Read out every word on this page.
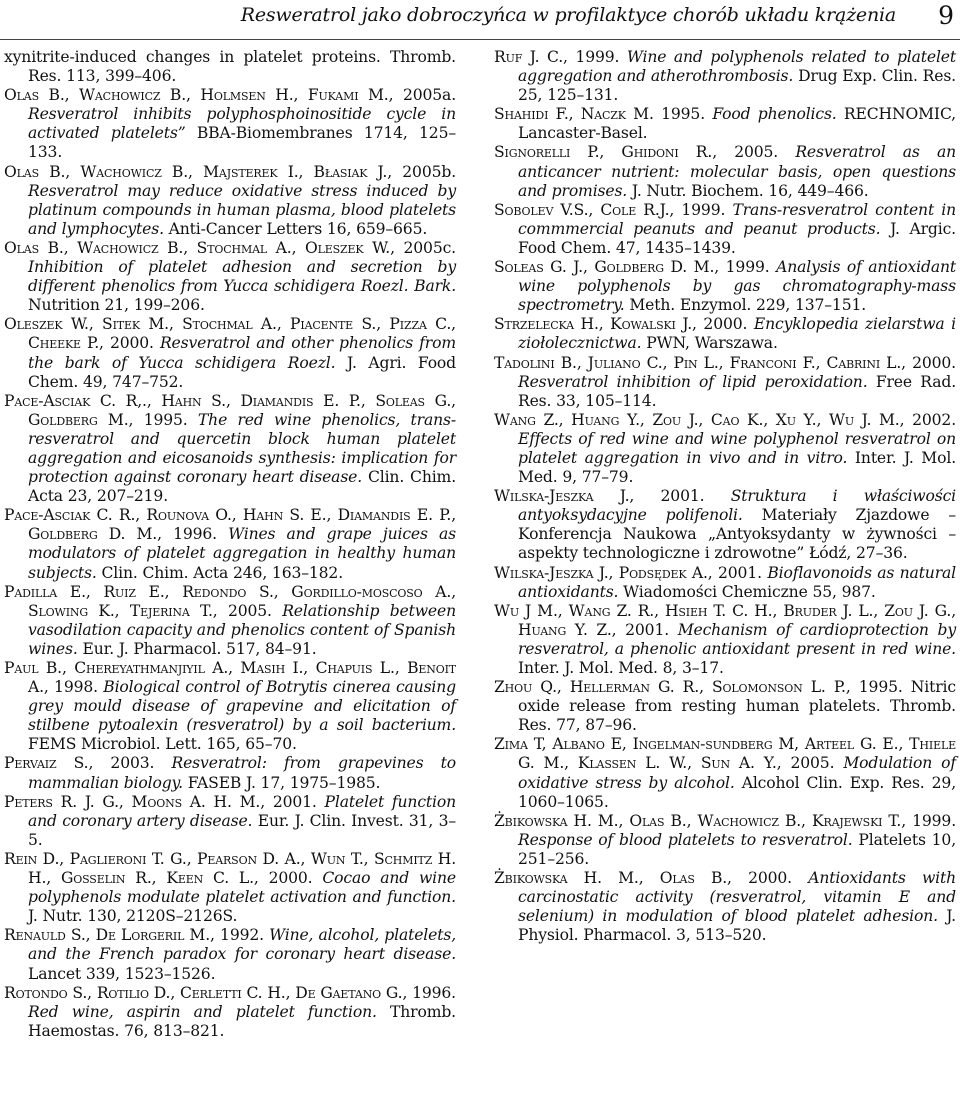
Resweratrol jako dobroczyńca w profilaktyce chorób układu krążenia 9

xynitrite-induced changes in platelet proteins. Thromb. Res. 113, 399–406.

Olas B., Wachowicz B., Holmsen H., Fukami M., 2005a. Resveratrol inhibits polyphosphoinositide cycle in activated platelets” BBA-Biomembranes 1714, 125–133.

Olas B., Wachowicz B., Majsterek I., Błasiak J., 2005b. Resveratrol may reduce oxidative stress induced by platinum compounds in human plasma, blood platelets and lymphocytes. Anti-Cancer Letters 16, 659–665.

Olas B., Wachowicz B., Stochmal A., Oleszek W., 2005c. Inhibition of platelet adhesion and secretion by different phenolics from Yucca schidigera Roezl. Bark. Nutrition 21, 199–206.

Oleszek W., Sitek M., Stochmal A., Piacente S., Pizza C., Cheeke P., 2000. Resveratrol and other phenolics from the bark of Yucca schidigera Roezl. J. Agri. Food Chem. 49, 747–752.

Pace-Asciak C. R,., Hahn S., Diamandis E. P., Soleas G., Goldberg M., 1995. The red wine phenolics, trans-resveratrol and quercetin block human platelet aggregation and eicosanoids synthesis: implication for protection against coronary heart disease. Clin. Chim. Acta 23, 207–219.

Pace-Asciak C. R., Rounova O., Hahn S. E., Diamandis E. P., Goldberg D. M., 1996. Wines and grape juices as modulators of platelet aggregation in healthy human subjects. Clin. Chim. Acta 246, 163–182.

Padilla E., Ruiz E., Redondo S., Gordillo-moscoso A., Slowing K., Tejerina T., 2005. Relationship between vasodilation capacity and phenolics content of Spanish wines. Eur. J. Pharmacol. 517, 84–91.

Paul B., Chereyathmanjiyil A., Masih I., Chapuis L., Benoit A., 1998. Biological control of Botrytis cinerea causing grey mould disease of grapevine and elicitation of stilbene pytoalexin (resveratrol) by a soil bacterium. FEMS Microbiol. Lett. 165, 65–70.

Pervaiz S., 2003. Resveratrol: from grapevines to mammalian biology. FASEB J. 17, 1975–1985.

Peters R. J. G., Moons A. H. M., 2001. Platelet function and coronary artery disease. Eur. J. Clin. Invest. 31, 3–5.

Rein D., Paglieroni T. G., Pearson D. A., Wun T., Schmitz H. H., Gosselin R., Keen C. L., 2000. Cocao and wine polyphenols modulate platelet activation and function. J. Nutr. 130, 2120S–2126S.

Renauld S., De Lorgeril M., 1992. Wine, alcohol, platelets, and the French paradox for coronary heart disease. Lancet 339, 1523–1526.

Rotondo S., Rotilio D., Cerletti C. H., De Gaetano G., 1996. Red wine, aspirin and platelet function. Thromb. Haemostas. 76, 813–821.

Ruf J. C., 1999. Wine and polyphenols related to platelet aggregation and atherothrombosis. Drug Exp. Clin. Res. 25, 125–131.

Shahidi F., Naczk M. 1995. Food phenolics. RECHNOMIC, Lancaster-Basel.

Signorelli P., Ghidoni R., 2005. Resveratrol as an anticancer nutrient: molecular basis, open questions and promises. J. Nutr. Biochem. 16, 449–466.

Sobolev V.S., Cole R.J., 1999. Trans-resveratrol content in commmercial peanuts and peanut products. J. Argic. Food Chem. 47, 1435–1439.

Soleas G. J., Goldberg D. M., 1999. Analysis of antioxidant wine polyphenols by gas chromatography-mass spectrometry. Meth. Enzymol. 229, 137–151.

Strzelecka H., Kowalski J., 2000. Encyklopedia zielarstwa i ziołolecznictwa. PWN, Warszawa.

Tadolini B., Juliano C., Pin L., Franconi F., Cabrini L., 2000. Resveratrol inhibition of lipid peroxidation. Free Rad. Res. 33, 105–114.

Wang Z., Huang Y., Zou J., Cao K., Xu Y., Wu J. M., 2002. Effects of red wine and wine polyphenol resveratrol on platelet aggregation in vivo and in vitro. Inter. J. Mol. Med. 9, 77–79.

Wilska-Jeszka J., 2001. Struktura i właściwości antyoksydacyjne polifenoli. Materiały Zjazdowe – Konferencja Naukowa „Antyoksydanty w żywności – aspekty technologiczne i zdrowotne” Łódź, 27–36.

Wilska-Jeszka J., Podsędek A., 2001. Bioflavonoids as natural antioxidants. Wiadomości Chemiczne 55, 987.

Wu J M., Wang Z. R., Hsieh T. C. H., Bruder J. L., Zou J. G., Huang Y. Z., 2001. Mechanism of cardioprotection by resveratrol, a phenolic antioxidant present in red wine. Inter. J. Mol. Med. 8, 3–17.

Zhou Q., Hellerman G. R., Solomonson L. P., 1995. Nitric oxide release from resting human platelets. Thromb. Res. 77, 87–96.

Zima T, Albano E, Ingelman-sundberg M, Arteel G. E., Thiele G. M., Klassen L. W., Sun A. Y., 2005. Modulation of oxidative stress by alcohol. Alcohol Clin. Exp. Res. 29, 1060–1065.

Żbikowska H. M., Olas B., Wachowicz B., Krajewski T., 1999. Response of blood platelets to resveratrol. Platelets 10, 251–256.

Żbikowska H. M., Olas B., 2000. Antioxidants with carcinostatic activity (resveratrol, vitamin E and selenium) in modulation of blood platelet adhesion. J. Physiol. Pharmacol. 3, 513–520.
